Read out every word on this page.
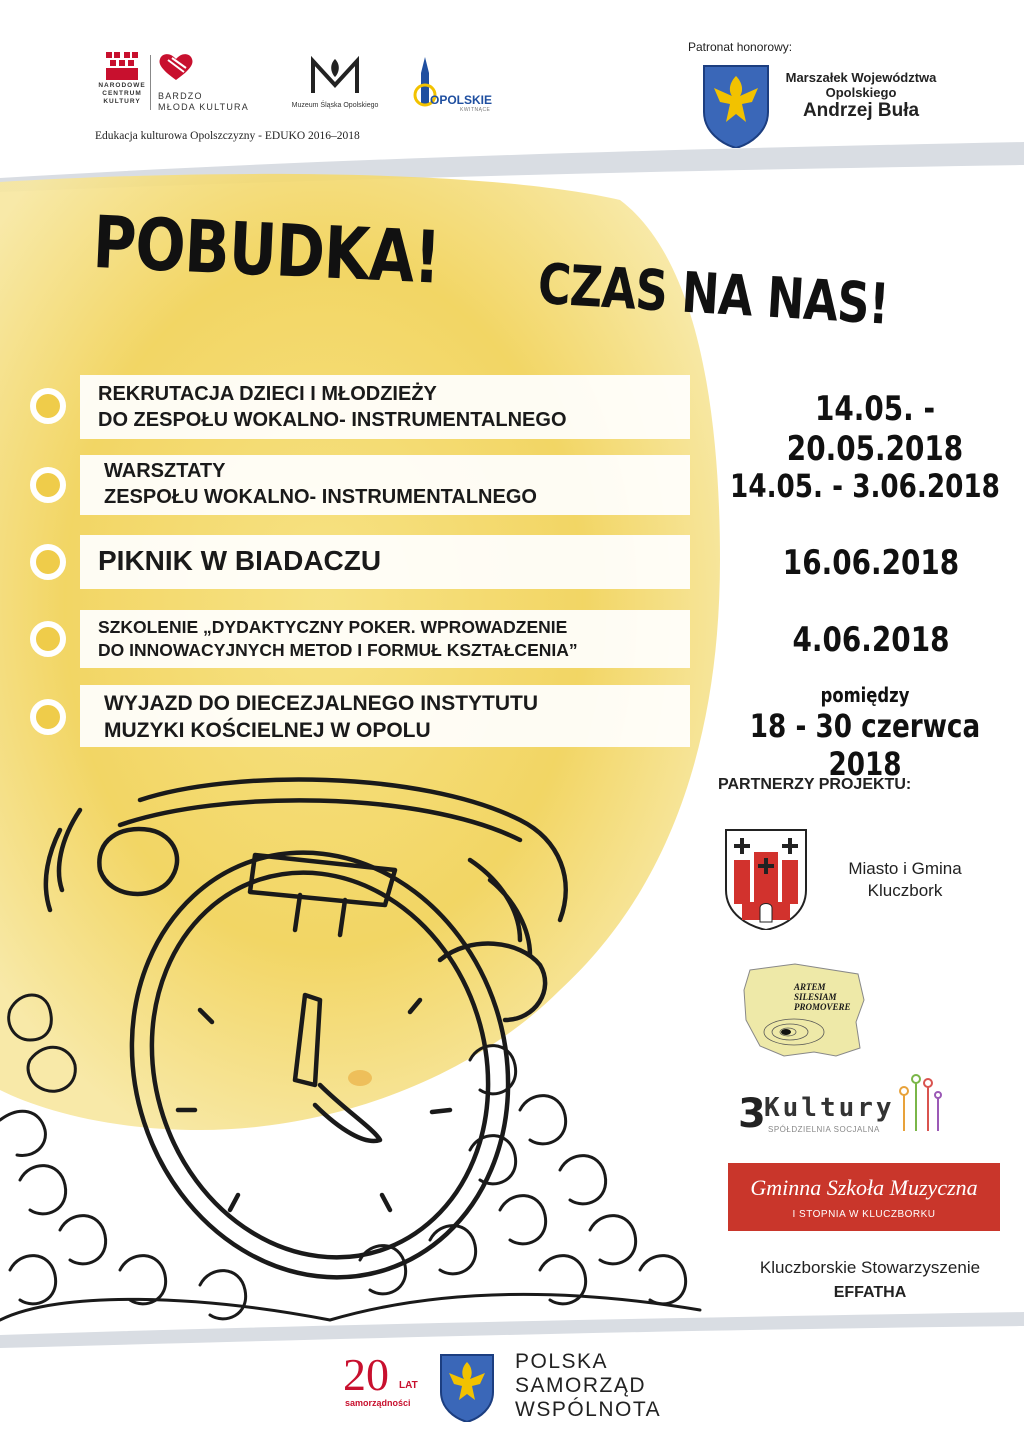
NARODOWE CENTRUM KULTURY
BARDZO
MŁODA KULTURA	Muzeum Śląska Opolskiego	OPOLSKIE
KWITNĄCE
Edukacja kulturowa Opolszczyzny - EDUKO 2016–2018
Patronat honorowy:
Marszałek Województwa
Opolskiego
Andrzej Buła
POBUDKA! CZAS NA NAS!
REKRUTACJA DZIECI I MŁODZIEŻY
DO ZESPOŁU WOKALNO- INSTRUMENTALNEGO	14.05. - 20.05.2018
WARSZTATY
ZESPOŁU WOKALNO- INSTRUMENTALNEGO	14.05. - 3.06.2018
PIKNIK W BIADACZU	16.06.2018
SZKOLENIE „DYDAKTYCZNY POKER. WPROWADZENIE
DO INNOWACYJNYCH METOD I FORMUŁ KSZTAŁCENIA”	4.06.2018
WYJAZD DO DIECEZJALNEGO INSTYTUTU
MUZYKI KOŚCIELNEJ W OPOLU
pomiędzy
18 - 30 czerwca 2018
PARTNERZY PROJEKTU:
Miasto i Gmina
Kluczbork
ARTEM SILESIAM
PROMOVERE
3
Kultury
SPÓŁDZIELNIA SOCJALNA
Gminna Szkoła Muzyczna
I STOPNIA W KLUCZBORKU
Kluczborskie Stowarzyszenie
EFFATHA
20 LAT
samorządności
POLSKA
SAMORZĄD
WSPÓLNOTA
